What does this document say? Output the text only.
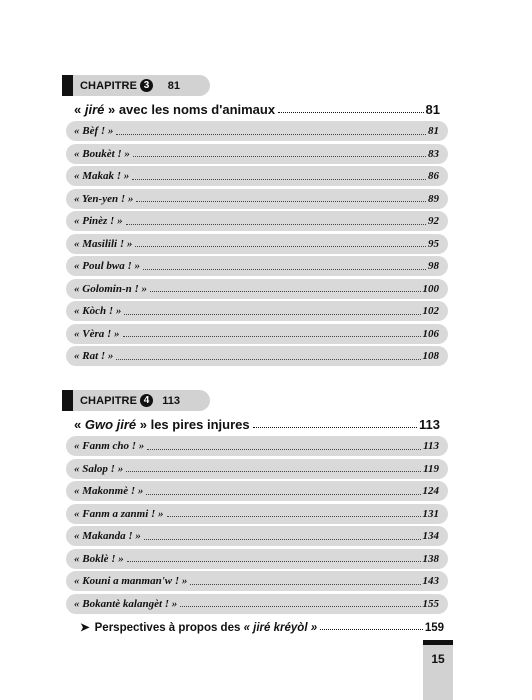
CHAPITRE 3	81
« jiré » avec les noms d'animaux	81
« Bèf ! »	81
« Boukèt ! »	83
« Makak ! »	86
« Yen-yen ! »	89
« Pinèz ! »	92
« Masilili ! »	95
« Poul bwa ! »	98
« Golomin-n ! »	100
« Kòch ! »	102
« Vèra ! »	106
« Rat ! »	108
CHAPITRE 4	113
« Gwo jiré » les pires injures	113
« Fanm cho ! »	113
« Salop ! »	119
« Makonmè ! »	124
« Fanm a zanmi ! »	131
« Makanda ! »	134
« Boklè ! »	138
« Kouni a manman'w ! »	143
« Bokantè kalangèt ! »	155
➤ Perspectives à propos des « jiré kréyòl »	159
15
